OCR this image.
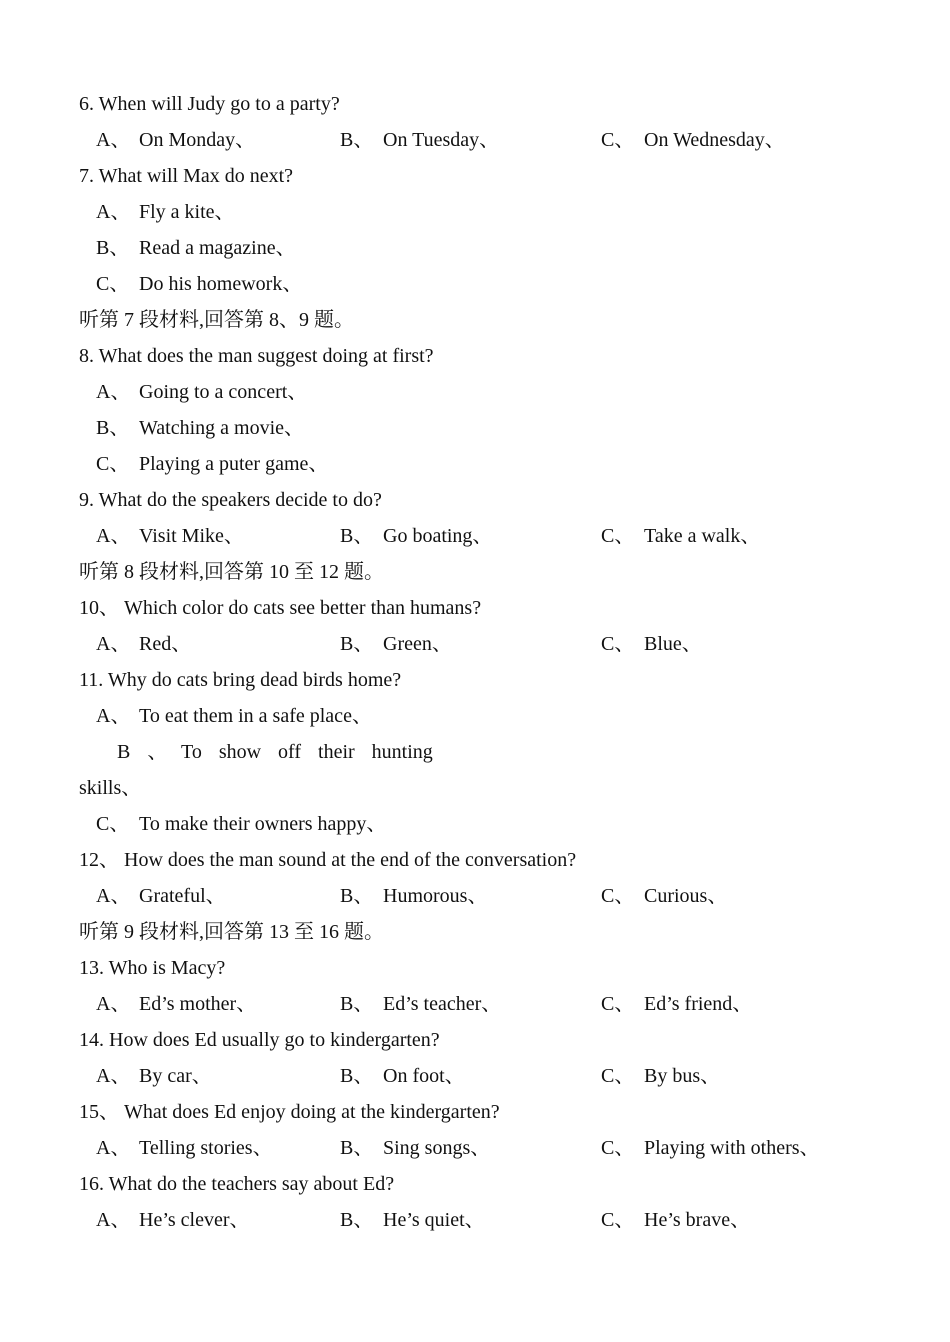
6. When will Judy go to a party?
A、 On Monday、	B、 On Tuesday、	C、 On Wednesday、
7. What will Max do next?
A、 Fly a kite、
B、 Read a magazine、
C、 Do his homework、
听第 7 段材料,回答第 8、9 题。
8. What does the man suggest doing at first?
A、 Going to a concert、
B、 Watching a movie、
C、 Playing a puter game、
9. What do the speakers decide to do?
A、 Visit Mike、	B、 Go boating、	C、 Take a walk、
听第 8 段材料,回答第 10 至 12 题。
10、 Which color do cats see better than humans?
A、 Red、	B、 Green、	C、 Blue、
11. Why do cats bring dead birds home?
A、 To eat them in a safe place、
B 、 To show off their hunting
skills、
C、 To make their owners happy、
12、 How does the man sound at the end of the conversation?
A、 Grateful、	B、 Humorous、	C、 Curious、
听第 9 段材料,回答第 13 至 16 题。
13. Who is Macy?
A、 Ed’s mother、	B、 Ed’s teacher、	C、 Ed’s friend、
14. How does Ed usually go to kindergarten?
A、 By car、	B、 On foot、	C、 By bus、
15、 What does Ed enjoy doing at the kindergarten?
A、 Telling stories、	B、 Sing songs、	C、 Playing with others、
16. What do the teachers say about Ed?
A、 He’s clever、	B、 He’s quiet、	C、 He’s brave、
